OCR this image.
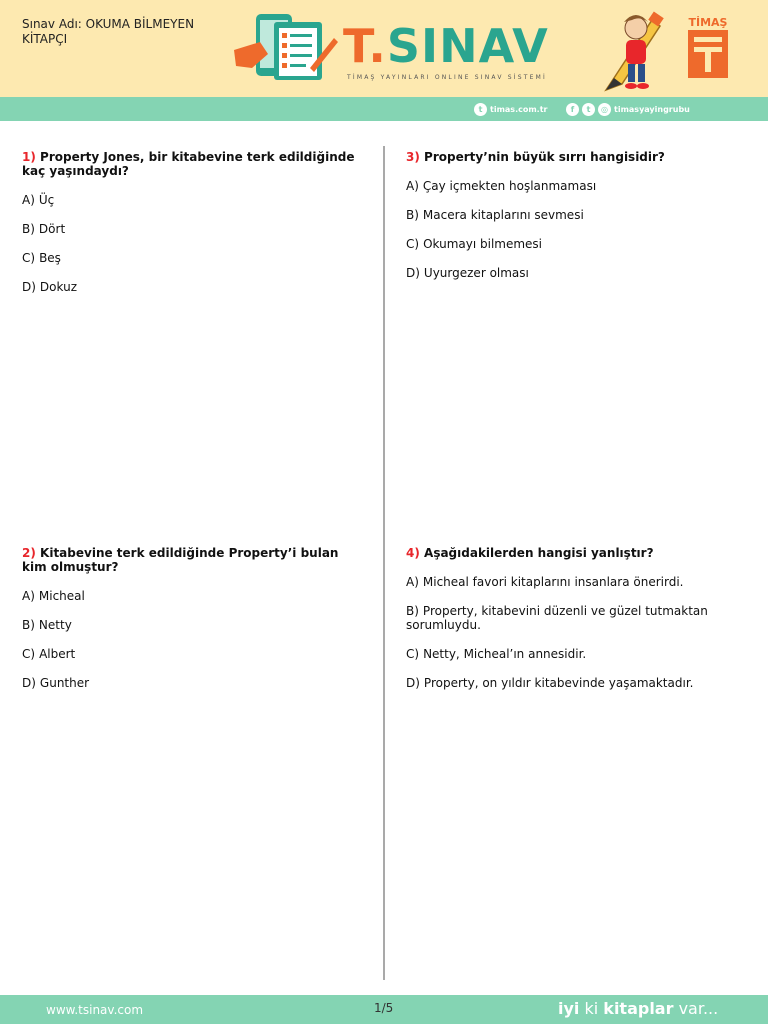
Sınav Adı: OKUMA BİLMEYEN
KİTAPÇI	T.SINAV
TİMAŞ YAYINLARI ONLINE SINAV SİSTEMİ
TİMAŞ
t timas.com.tr	f	t	◎ timasyayingrubu
1) Property Jones, bir kitabevine terk edildiğinde kaç yaşındaydı?
A) Üç
B) Dört
C) Beş
D) Dokuz
2) Kitabevine terk edildiğinde Property’i bulan kim olmuştur?
A) Micheal
B) Netty
C) Albert
D) Gunther
3) Property’nin büyük sırrı hangisidir?
A) Çay içmekten hoşlanmaması
B) Macera kitaplarını sevmesi
C) Okumayı bilmemesi
D) Uyurgezer olması
4) Aşağıdakilerden hangisi yanlıştır?
A) Micheal favori kitaplarını insanlara önerirdi.
B) Property, kitabevini düzenli ve güzel tutmaktan sorumluydu.
C) Netty, Micheal’ın annesidir.
D) Property, on yıldır kitabevinde yaşamaktadır.
www.tsinav.com	1/5	iyi ki kitaplar var...
